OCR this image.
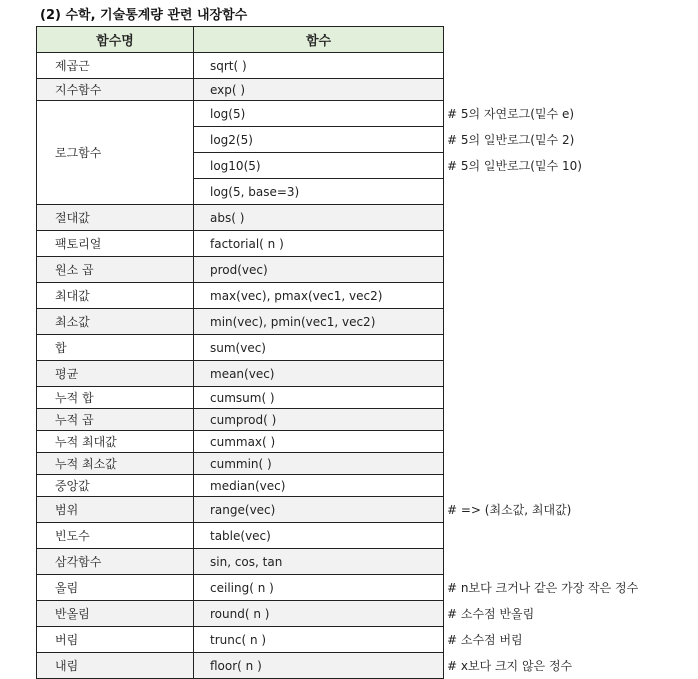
(2) 수학, 기술통계량 관련 내장함수
함수명	함수	
제곱근	sqrt( )	
지수함수	exp( )	
로그함수	log(5)	# 5의 자연로그(밑수 e)
	log2(5)	# 5의 일반로그(밑수 2)
	log10(5)	# 5의 일반로그(밑수 10)
	log(5, base=3)	
절대값	abs( )	
팩토리얼	factorial( n )	
원소 곱	prod(vec)	
최대값	max(vec), pmax(vec1, vec2)	
최소값	min(vec), pmin(vec1, vec2)	
합	sum(vec)	
평균	mean(vec)	
누적 합	cumsum( )	
누적 곱	cumprod( )	
누적 최대값	cummax( )	
누적 최소값	cummin( )	
중앙값	median(vec)	
범위	range(vec)	# => (최소값, 최대값)
빈도수	table(vec)	
삼각함수	sin, cos, tan	
올림	ceiling( n )	# n보다 크거나 같은 가장 작은 정수
반올림	round( n )	# 소수점 반올림
버림	trunc( n )	# 소수점 버림
내림	floor( n )	# x보다 크지 않은 정수
